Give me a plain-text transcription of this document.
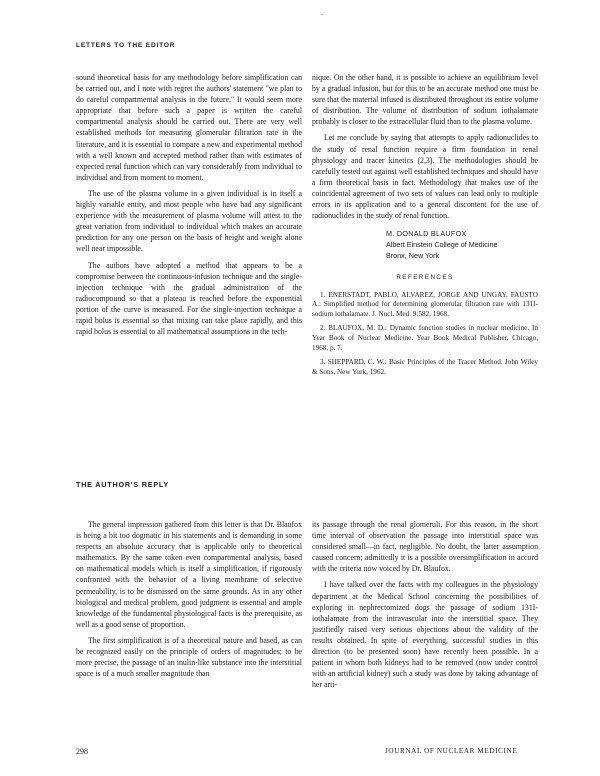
.
LETTERS TO THE EDITOR

sound theoretical basis for any methodology before simplification can be carried out, and I note with regret the authors' statement "we plan to do careful compartmental analysis in the future." It would seem more appropriate that before such a paper is written the careful compartmental analysis should be carried out. There are very well established methods for measuring glomerular filtration rate in the literature, and it is essential to compare a new and experimental method with a well known and accepted method rather than with estimates of expected renal function which can vary considerably from individual to individual and from moment to moment.

The use of the plasma volume in a given individual is in itself a highly variable entity, and most people who have had any significant experience with the measurement of plasma volume will attest to the great variation from individual to individual which makes an accurate prediction for any one person on the basis of height and weight alone well near impossible.

The authors have adopted a method that appears to be a compromise between the continuous-infusion technique and the single-injection technique with the gradual administration of the radiocompound so that a plateau is reached before the exponential portion of the curve is measured. For the single-injection technique a rapid bolus is essential so that mixing can take place rapidly, and this rapid bolus is essential to all mathematical assumptions in the tech-

nique. On the other hand, it is possible to achieve an equilibrium level by a gradual infusion, but for this to be an accurate method one must be sure that the material infused is distributed throughout its entire volume of distribution. The volume of distribution of sodium iothalamate probably is closer to the extracellular fluid than to the plasma volume.

Let me conclude by saying that attempts to apply radionuclides to the study of renal function require a firm foundation in renal physiology and tracer kinetics (2,3). The methodologies should be carefully tested out against well established techniques and should have a firm theoretical basis in fact. Methodology that makes use of the coincidental agreement of two sets of values can lead only to multiple errors in its application and to a general discontent for the use of radionuclides in the study of renal function.

M. DONALD BLAUFOX
Albert Einstein College of Medicine
Bronx, New York
REFERENCES

1. ENERSTADT, PABLO, ALVAREZ, JORGE AND UNGAY, FAUSTO A.: Simplified method for determining glomerular filtration rate with 131I-sodium iothalamate. J. Nucl. Med. 9:582, 1968.

2. BLAUFOX, M. D.: Dynamic function studies in nuclear medicine. In Year Book of Nuclear Medicine. Year Book Medical Publisher, Chicago, 1968, p. 7.

3. SHEPPARD, C. W.: Basic Principles of the Tracer Method. John Wiley & Sons, New York, 1962.

THE AUTHOR'S REPLY

The general impression gathered from this letter is that Dr. Blaufox is being a bit too dogmatic in his statements and is demanding in some respects an absolute accuracy that is applicable only to theoretical mathematics. By the same token even compartmental analysis, based on mathematical models which is itself a simplification, if rigorously confronted with the behavior of a living membrane of selective permeability, is to be dismissed on the same grounds. As in any other biological and medical problem, good judgment is essential and ample knowledge of the fundamental physiological facts is the prerequisite, as well as a good sense of proportion.

The first simplification is of a theoretical nature and based, as can be recognized easily on the principle of orders of magnitudes; to be more precise, the passage of an inulin-like substance into the interstitial space is of a much smaller magnitude than

its passage through the renal glomeruli. For this reason, in the short time interval of observation the passage into interstitial space was considered small—in fact, negligible. No doubt, the latter assumption caused concern; admittedly it is a possible oversimplification in accord with the criteria now voiced by Dr. Blaufox.

I have talked over the facts with my colleagues in the physiology department at the Medical School concerning the possibilities of exploring in nephrectomized dogs the passage of sodium 131I-iothalamate from the intravascular into the interstitial space. They justifiedly raised very serious objections about the validity of the results obtained. In spite of everything, successful studies in this direction (to be presented soon) have recently been possible. In a patient in whom both kidneys had to be removed (now under control with an artificial kidney) such a study was done by taking advantage of her arti-

298	JOURNAL OF NUCLEAR MEDICINE
